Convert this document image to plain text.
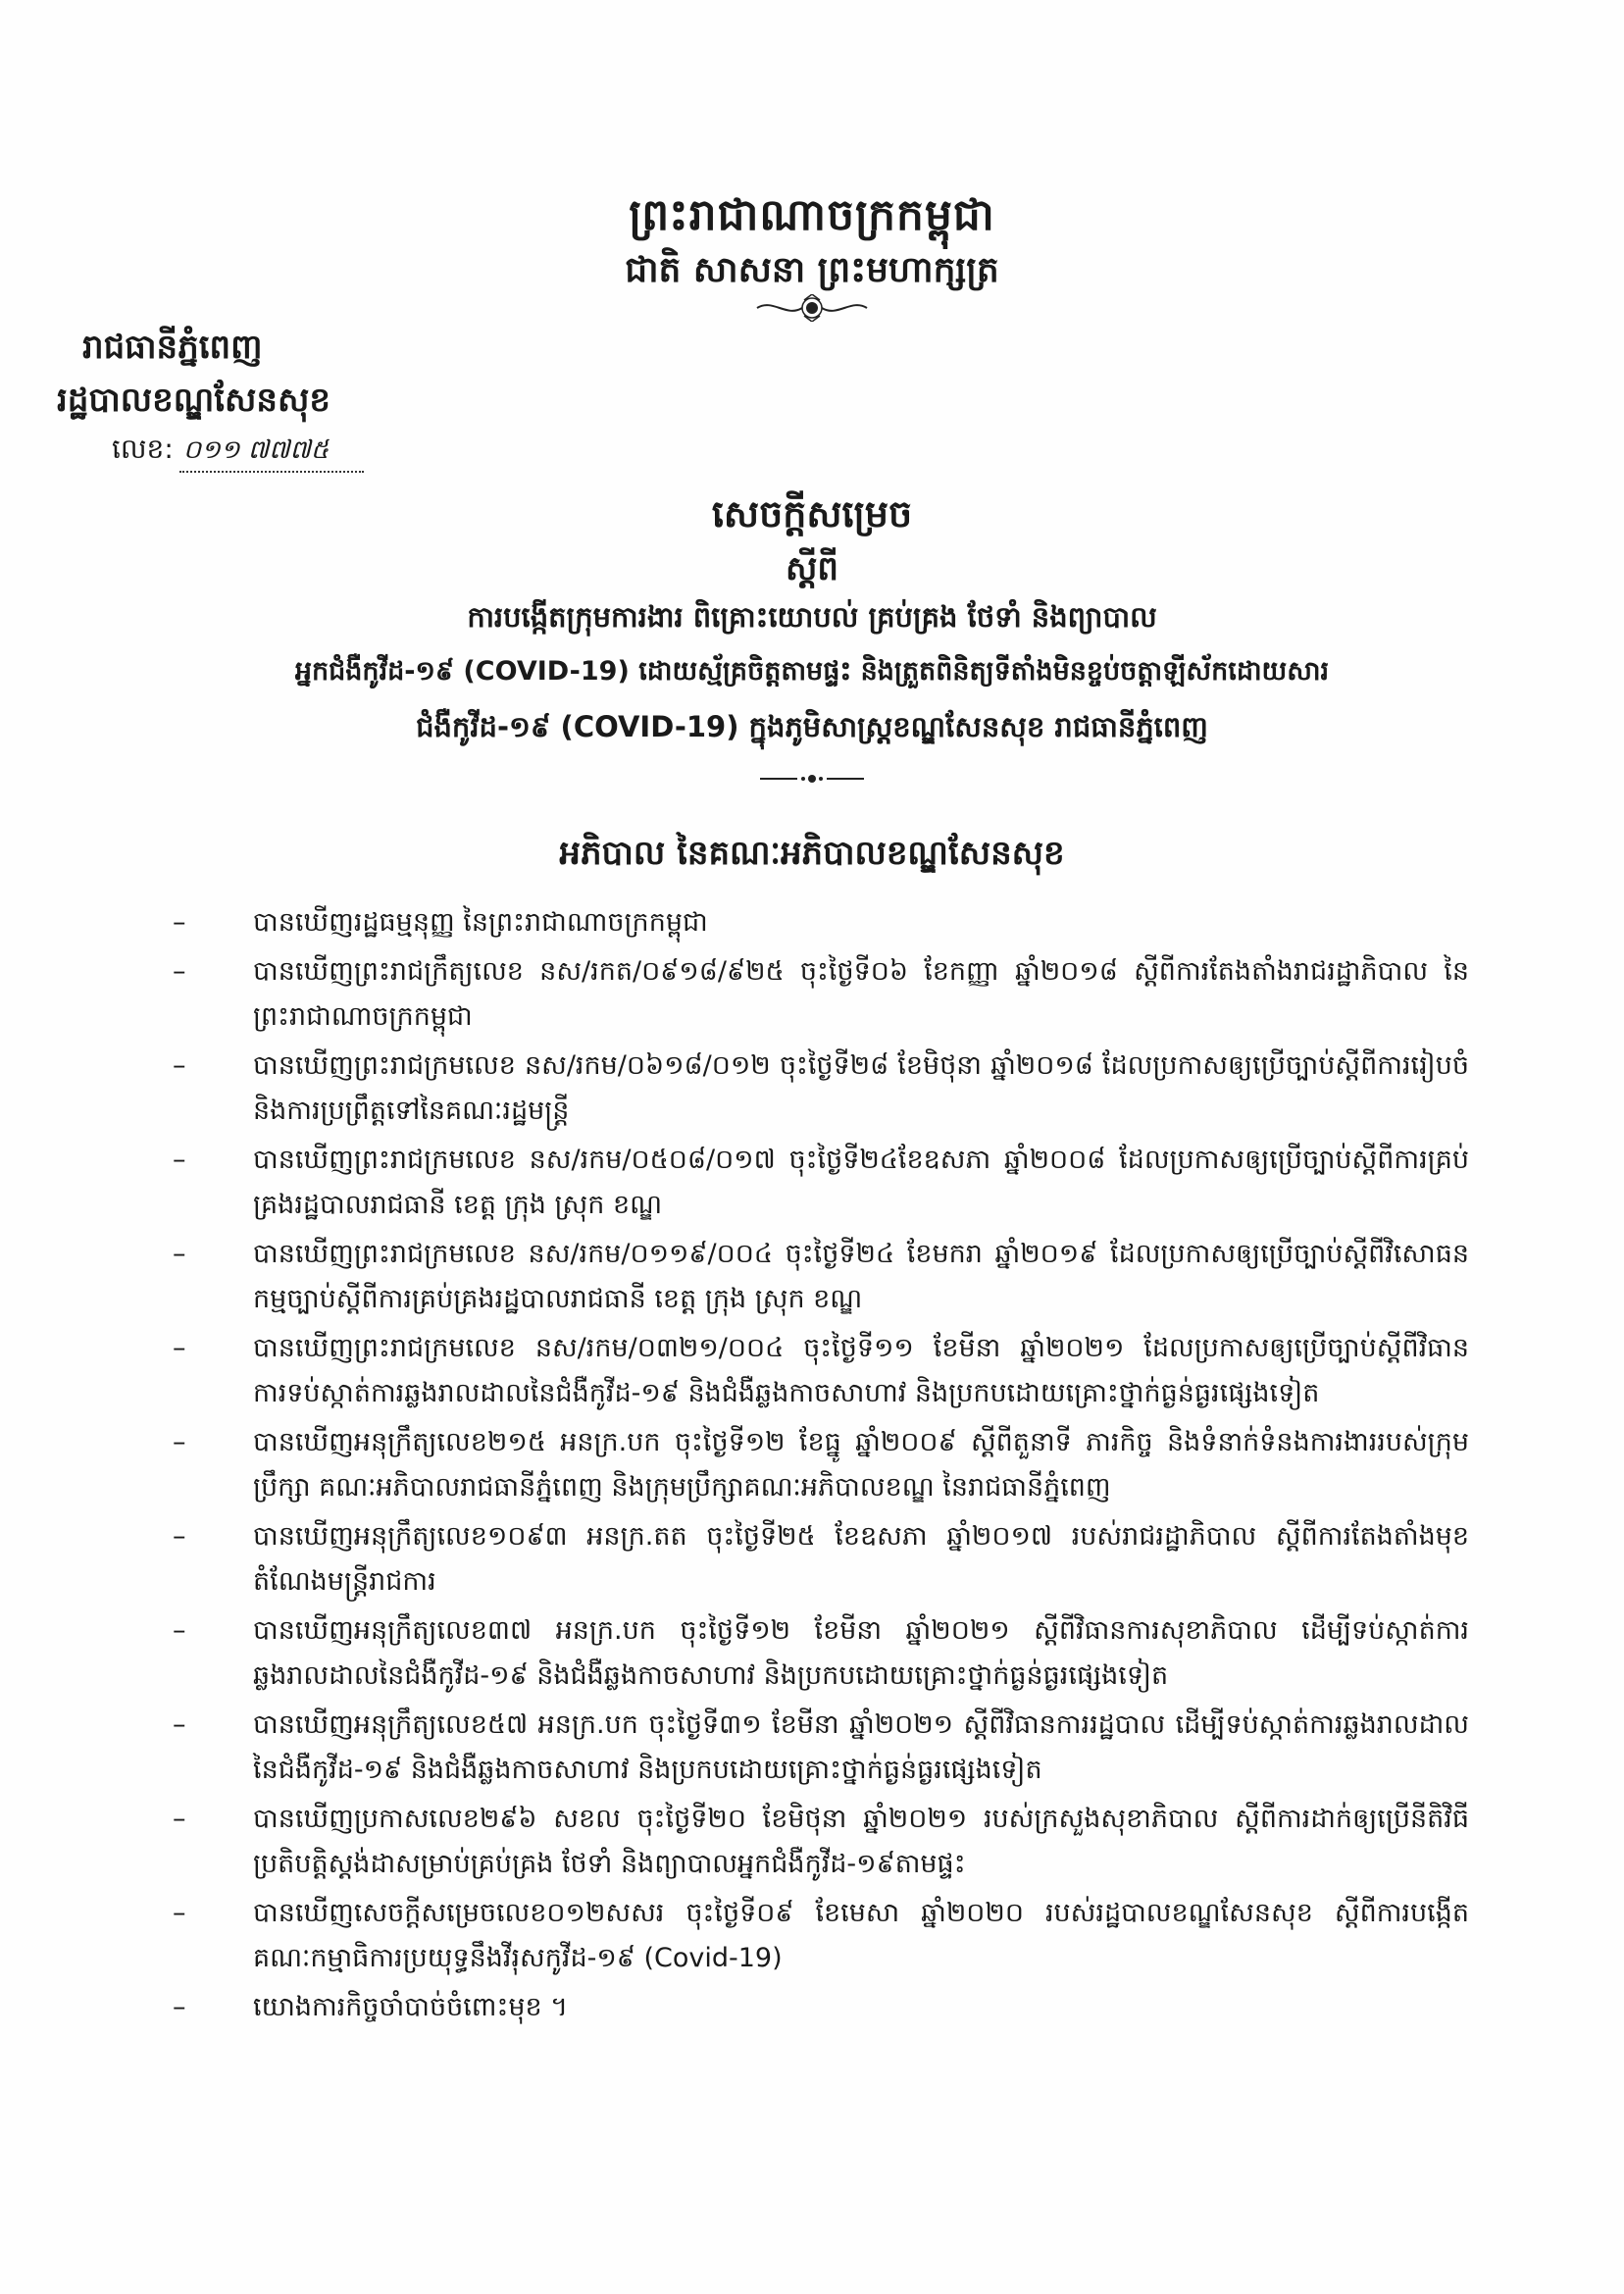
ព្រះរាជាណាចក្រកម្ពុជា
ជាតិ សាសនា ព្រះមហាក្សត្រ
រាជធានីភ្នំពេញ
រដ្ឋបាលខណ្ឌសែនសុខ
លេខ: ០១១ ៧៧៧៥
សេចក្តីសម្រេច
ស្តីពី
ការបង្កើតក្រុមការងារ ពិគ្រោះយោបល់ គ្រប់គ្រង ថែទាំ និងព្យាបាល
អ្នកជំងឺកូវីដ-១៩ (COVID-19) ដោយស្ម័គ្រចិត្តតាមផ្ទះ និងត្រួតពិនិត្យទីតាំងមិនខ្ចប់ចត្តាឡីស័កដោយសារ
ជំងឺកូវីដ-១៩ (COVID-19) ក្នុងភូមិសាស្ត្រខណ្ឌសែនសុខ រាជធានីភ្នំពេញ
អភិបាល នៃគណៈអភិបាលខណ្ឌសែនសុខ
–	បានឃើញរដ្ឋធម្មនុញ្ញ នៃព្រះរាជាណាចក្រកម្ពុជា
–	បានឃើញព្រះរាជក្រឹត្យលេខ នស/រកត/០៩១៨/៩២៥ ចុះថ្ងៃទី០៦ ខែកញ្ញា ឆ្នាំ២០១៨ ស្តីពីការតែងតាំងរាជរដ្ឋាភិបាល នៃព្រះរាជាណាចក្រកម្ពុជា
–	បានឃើញព្រះរាជក្រមលេខ នស/រកម/០៦១៨/០១២ ចុះថ្ងៃទី២៨ ខែមិថុនា ឆ្នាំ២០១៨ ដែលប្រកាសឲ្យប្រើច្បាប់ស្តីពីការរៀបចំ និងការប្រព្រឹត្តទៅនៃគណៈរដ្ឋមន្ត្រី
–	បានឃើញព្រះរាជក្រមលេខ នស/រកម/០៥០៨/០១៧ ចុះថ្ងៃទី២៤ខែឧសភា ឆ្នាំ២០០៨ ដែលប្រកាសឲ្យប្រើច្បាប់ស្តីពីការគ្រប់គ្រងរដ្ឋបាលរាជធានី ខេត្ត ក្រុង ស្រុក ខណ្ឌ
–	បានឃើញព្រះរាជក្រមលេខ នស/រកម/០១១៩/០០៤ ចុះថ្ងៃទី២៤ ខែមករា ឆ្នាំ២០១៩ ដែលប្រកាសឲ្យប្រើច្បាប់ស្តីពីវិសោធនកម្មច្បាប់ស្តីពីការគ្រប់គ្រងរដ្ឋបាលរាជធានី ខេត្ត ក្រុង ស្រុក ខណ្ឌ
–	បានឃើញព្រះរាជក្រមលេខ នស/រកម/០៣២១/០០៤ ចុះថ្ងៃទី១១ ខែមីនា ឆ្នាំ២០២១ ដែលប្រកាសឲ្យប្រើច្បាប់ស្តីពីវិធានការទប់ស្កាត់ការឆ្លងរាលដាលនៃជំងឺកូវីដ-១៩ និងជំងឺឆ្លងកាចសាហាវ និងប្រកបដោយគ្រោះថ្នាក់ធ្ងន់ធ្ងរផ្សេងទៀត
–	បានឃើញអនុក្រឹត្យលេខ២១៥ អនក្រ.បក ចុះថ្ងៃទី១២ ខែធ្នូ ឆ្នាំ២០០៩ ស្តីពីតួនាទី ភារកិច្ច និងទំនាក់ទំនងការងាររបស់ក្រុមប្រឹក្សា គណៈអភិបាលរាជធានីភ្នំពេញ និងក្រុមប្រឹក្សាគណៈអភិបាលខណ្ឌ នៃរាជធានីភ្នំពេញ
–	បានឃើញអនុក្រឹត្យលេខ១០៩៣ អនក្រ.តត ចុះថ្ងៃទី២៥ ខែឧសភា ឆ្នាំ២០១៧ របស់រាជរដ្ឋាភិបាល ស្តីពីការតែងតាំងមុខតំណែងមន្ត្រីរាជការ
–	បានឃើញអនុក្រឹត្យលេខ៣៧ អនក្រ.បក ចុះថ្ងៃទី១២ ខែមីនា ឆ្នាំ២០២១ ស្តីពីវិធានការសុខាភិបាល ដើម្បីទប់ស្កាត់ការឆ្លងរាលដាលនៃជំងឺកូវីដ-១៩ និងជំងឺឆ្លងកាចសាហាវ និងប្រកបដោយគ្រោះថ្នាក់ធ្ងន់ធ្ងរផ្សេងទៀត
–	បានឃើញអនុក្រឹត្យលេខ៥៧ អនក្រ.បក ចុះថ្ងៃទី៣១ ខែមីនា ឆ្នាំ២០២១ ស្តីពីវិធានការរដ្ឋបាល ដើម្បីទប់ស្កាត់ការឆ្លងរាលដាលនៃជំងឺកូវីដ-១៩ និងជំងឺឆ្លងកាចសាហាវ និងប្រកបដោយគ្រោះថ្នាក់ធ្ងន់ធ្ងរផ្សេងទៀត
–	បានឃើញប្រកាសលេខ២៩៦ សខល ចុះថ្ងៃទី២០ ខែមិថុនា ឆ្នាំ២០២១ របស់ក្រសួងសុខាភិបាល ស្តីពីការដាក់ឲ្យប្រើនីតិវិធីប្រតិបត្តិស្តង់ដាសម្រាប់គ្រប់គ្រង ថែទាំ និងព្យាបាលអ្នកជំងឺកូវីដ-១៩តាមផ្ទះ
–	បានឃើញសេចក្តីសម្រេចលេខ០១២សសរ ចុះថ្ងៃទី០៩ ខែមេសា ឆ្នាំ២០២០ របស់រដ្ឋបាលខណ្ឌសែនសុខ ស្តីពីការបង្កើតគណៈកម្មាធិការប្រយុទ្ធនឹងវីរុសកូវីដ-១៩ (Covid-19)
–	យោងការកិច្ចចាំបាច់ចំពោះមុខ ។
